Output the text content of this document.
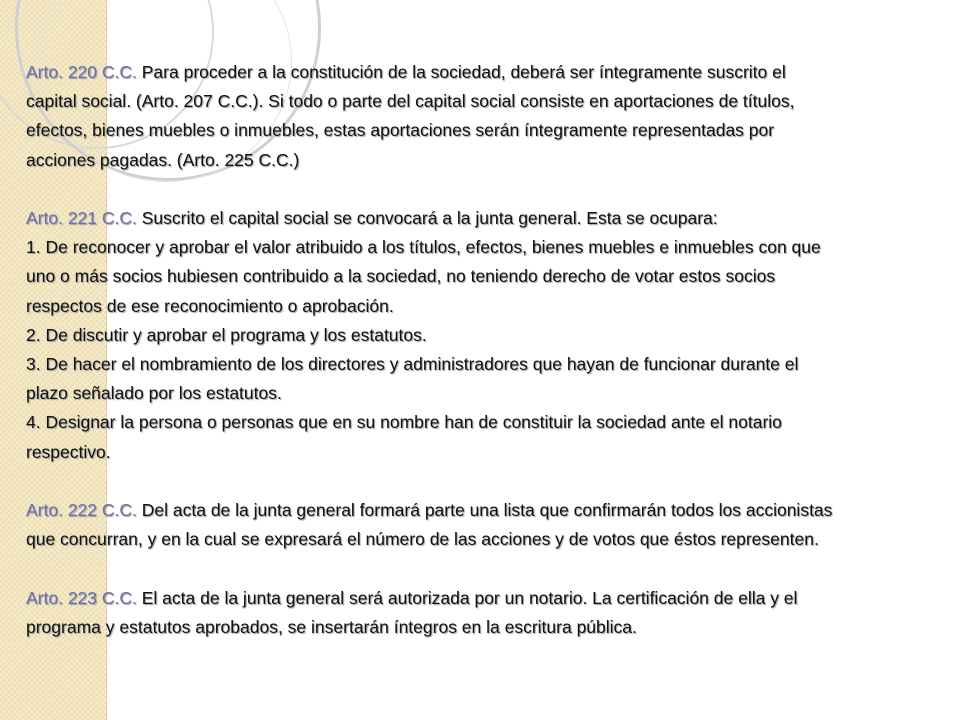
Arto. 220 C.C. Para proceder a la constitución de la sociedad, deberá ser íntegramente suscrito el
capital social. (Arto. 207 C.C.). Si todo o parte del capital social consiste en aportaciones de títulos,
efectos, bienes muebles o inmuebles, estas aportaciones serán íntegramente representadas por
acciones pagadas. (Arto. 225 C.C.)
Arto. 221 C.C. Suscrito el capital social se convocará a la junta general. Esta se ocupara:
1. De reconocer y aprobar el valor atribuido a los títulos, efectos, bienes muebles e inmuebles con que
uno o más socios hubiesen contribuido a la sociedad, no teniendo derecho de votar estos socios
respectos de ese reconocimiento o aprobación.
2. De discutir y aprobar el programa y los estatutos.
3. De hacer el nombramiento de los directores y administradores que hayan de funcionar durante el
plazo señalado por los estatutos.
4. Designar la persona o personas que en su nombre han de constituir la sociedad ante el notario
respectivo.
Arto. 222 C.C. Del acta de la junta general formará parte una lista que confirmarán todos los accionistas
que concurran, y en la cual se expresará el número de las acciones y de votos que éstos representen.
Arto. 223 C.C. El acta de la junta general será autorizada por un notario. La certificación de ella y el
programa y estatutos aprobados, se insertarán íntegros en la escritura pública.
